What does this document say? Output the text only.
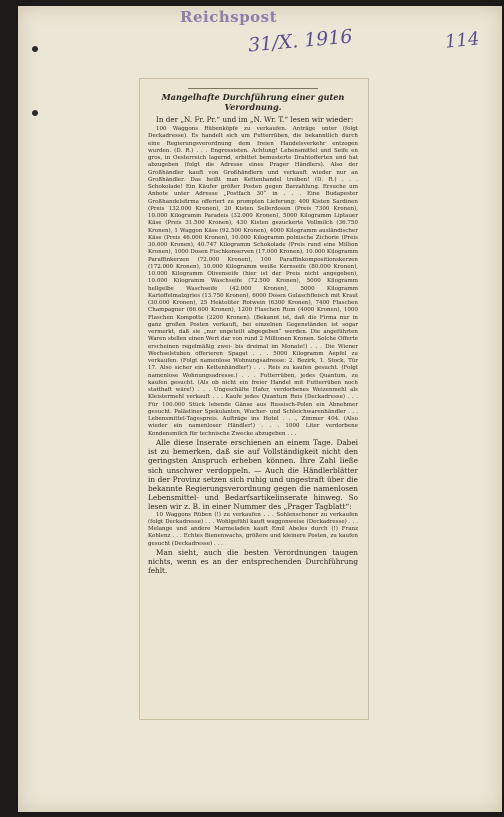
Reichspost
31/X. 1916	114
Mangelhafte Durchführung einer guten Verordnung.

In der „N. Fr. Pr.“ und im „N. Wr. T.“ lesen wir wieder:

100 Waggons Rübenköpfe zu verkaufen. Anträge unter (folgt Deckadresse). Es handelt sich um Futterrüben, die bekanntlich durch eine Regierungsverordnung dem freien Handelsverkehr entzogen wurden. (D. R.) . . . Engrossisten. Achtung! Lebensmittel und Seife en gros, in Oesterreich lagernd, erbittet bemusterte Drahtofferten und hat abzugeben (folgt die Adresse eines Prager Händlers). Also der Großhändler kauft von Großhändlern und verkauft wieder nur an Großhändler. Das heißt man Kettenhandel treiben! (D. R.) . . . Schokolade! Ein Käufer größer Posten gegen Barzahlung. Ersuche um Anbote unter Adresse „Postfach 30“ in . . . Eine Budapester Großhandelsfirma offeriert zu prompten Lieferung: 400 Kisten Sardinen (Preis 132.000 Kronen), 20 Kisten Sellerdosen (Preis 7300 Kronen), 10.000 Kilogramm Paradeis (32.000 Kronen), 5000 Kilogramm Liptauer Käse (Preis 31.500 Kronen), 430 Kisten gezuckerte Vollmilch (36.750 Kronen), 1 Waggon Käse (92.500 Kronen), 4000 Kilogramm ausländischer Käse (Preis 46.000 Kronen), 10.000 Kilogramm polnische Zichorie (Preis 30.000 Kronen), 40.747 Kilogramm Schokolade (Preis rund eine Million Kronen), 1000 Dosen Fischkonserven (17.000 Kronen), 10.000 Kilogramm Paraffinkerzen (72.000 Kronen), 100 Paraffinkompositionskerzen (172.000 Kronen), 10.000 Kilogramm weiße Kernseife (80.000 Kronen), 10.000 Kilogramm Olivenseife (hier ist der Preis nicht angegeben), 10.000 Kilogramm Waschseife (72.500 Kronen), 5000 Kilogramm hellgelbe Waschseife (42.000 Kronen), 5000 Kilogramm Kartoffelmalzgries (13.750 Kronen), 6000 Dosen Gulaschfleisch mit Kraut (30.000 Kronen), 25 Hektoliter Rotwein (6300 Kronen), 7400 Flaschen Champagner (66.600 Kronen), 1200 Flaschen Rum (4000 Kronen), 1000 Flaschen Kompotte (2200 Kronen). (Bekannt ist, daß die Firma nur in ganz großen Posten verkauft, bei einzelnen Gegenständen ist sogar vermerkt, daß sie „nur ungeteilt abgegeben“ werden. Die angeführten Waren stellen einen Wert dar von rund 2 Millionen Kronen. Solche Offerte erscheinen regelmäßig zwei- bis dreimal im Monate!) . . . Die Wiener Wechselstuben offerieren Spagat . . . 5000 Kilogramm Aepfel zu verkaufen. (Folgt namenlose Wohnungsadresse: 2. Bezirk, 1. Stock, Tür 17. Also sicher ein Kettenhändler!) . . . Reis zu kaufen gesucht. (Folgt namenlose Wohnungsadresse.) . . . Futterrüben, jedes Quantum, zu kaufen gesucht. (Als ob nicht ein freier Handel mit Futterrüben noch statthaft wäre!) . . . Ungeschälte Hafer, verdorbenes Weizenmehl als Kleistermehl verkauft . . . Kaufe jedes Quantum Reis (Deckadresse) . . . Für 100.000 Stück lebende Gänse aus Russisch-Polen ein Abnehmer gesucht. Palästiner Spekulanten, Wucher- und Schleichwarenhändler . . . Lebensmittel-Tagespreis. Aufträge ins Hotel . . ., Zimmer 404. (Also wieder ein namenloser Händler!) . . . 1000 Liter verdorbene Kondensmilch für technische Zwecke abzugeben . . .

Alle diese Inserate erschienen an einem Tage. Dabei ist zu bemerken, daß sie auf Vollständigkeit nicht den geringsten Anspruch erheben können. Ihre Zahl ließe sich unschwer verdoppeln. — Auch die Händlerblätter in der Provinz setzen sich ruhig und ungestraft über die bekannte Regierungsverordnung gegen die namenlosen Lebensmittel- und Bedarfsartikelinserate hinweg. So lesen wir z. B. in einer Nummer des „Prager Tagblatt“:

10 Waggons Rüben (!) zu verkaufen . . . Sohlenschoner zu verkaufen (folgt Deckadresse) . . . Wohlgefühl kauft waggonweise (Deckadresse) . . . Melange und andere Marmeladen kauft Emil Abeles durch (!) Franz Kohlenz . . . Echtes Bienenwachs, größere und kleinere Posten, zu kaufen gesucht (Deckadresse) . . .

Man sieht, auch die besten Verordnungen taugen nichts, wenn es an der entsprechenden Durchführung fehlt.
